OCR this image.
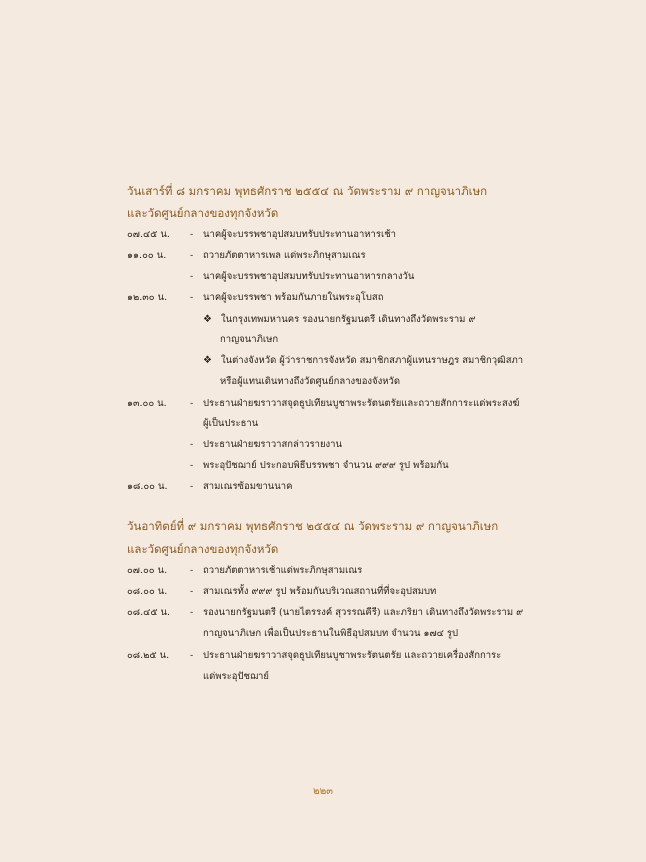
วันเสาร์ที่ ๘ มกราคม พุทธศักราช ๒๕๕๔ ณ วัดพระราม ๙ กาญจนาภิเษก
และวัดศูนย์กลางของทุกจังหวัด
๐๗.๔๕ น.	-	นาคผู้จะบรรพชาอุปสมบทรับประทานอาหารเช้า
๑๑.๐๐ น.	-	ถวายภัตตาหารเพล แด่พระภิกษุสามเณร
-	นาคผู้จะบรรพชาอุปสมบทรับประทานอาหารกลางวัน
๑๒.๓๐ น.	-	นาคผู้จะบรรพชา พร้อมกันภายในพระอุโบสถ
❖ ในกรุงเทพมหานคร รองนายกรัฐมนตรี เดินทางถึงวัดพระราม ๙
กาญจนาภิเษก
❖ ในต่างจังหวัด ผู้ว่าราชการจังหวัด สมาชิกสภาผู้แทนราษฎร สมาชิกวุฒิสภา
หรือผู้แทนเดินทางถึงวัดศูนย์กลางของจังหวัด
๑๓.๐๐ น.	-	ประธานฝ่ายฆราวาสจุดธูปเทียนบูชาพระรัตนตรัยและถวายสักการะแด่พระสงฆ์
ผู้เป็นประธาน
-	ประธานฝ่ายฆราวาสกล่าวรายงาน
-	พระอุปัชฌาย์ ประกอบพิธีบรรพชา จำนวน ๙๙๙ รูป พร้อมกัน
๑๘.๐๐ น.	-	สามเณรซ้อมขานนาค
วันอาทิตย์ที่ ๙ มกราคม พุทธศักราช ๒๕๕๔ ณ วัดพระราม ๙ กาญจนาภิเษก
และวัดศูนย์กลางของทุกจังหวัด
๐๗.๐๐ น.	-	ถวายภัตตาหารเช้าแด่พระภิกษุสามเณร
๐๘.๐๐ น.	-	สามเณรทั้ง ๙๙๙ รูป พร้อมกันบริเวณสถานที่ที่จะอุปสมบท
๐๘.๔๕ น.	-	รองนายกรัฐมนตรี (นายไตรรงค์ สุวรรณคีรี) และภริยา เดินทางถึงวัดพระราม ๙
กาญจนาภิเษก เพื่อเป็นประธานในพิธีอุปสมบท จำนวน ๑๗๔ รูป
๐๘.๒๕ น.	-	ประธานฝ่ายฆราวาสจุดธูปเทียนบูชาพระรัตนตรัย และถวายเครื่องสักการะ
แด่พระอุปัชฌาย์
๒๒๓
